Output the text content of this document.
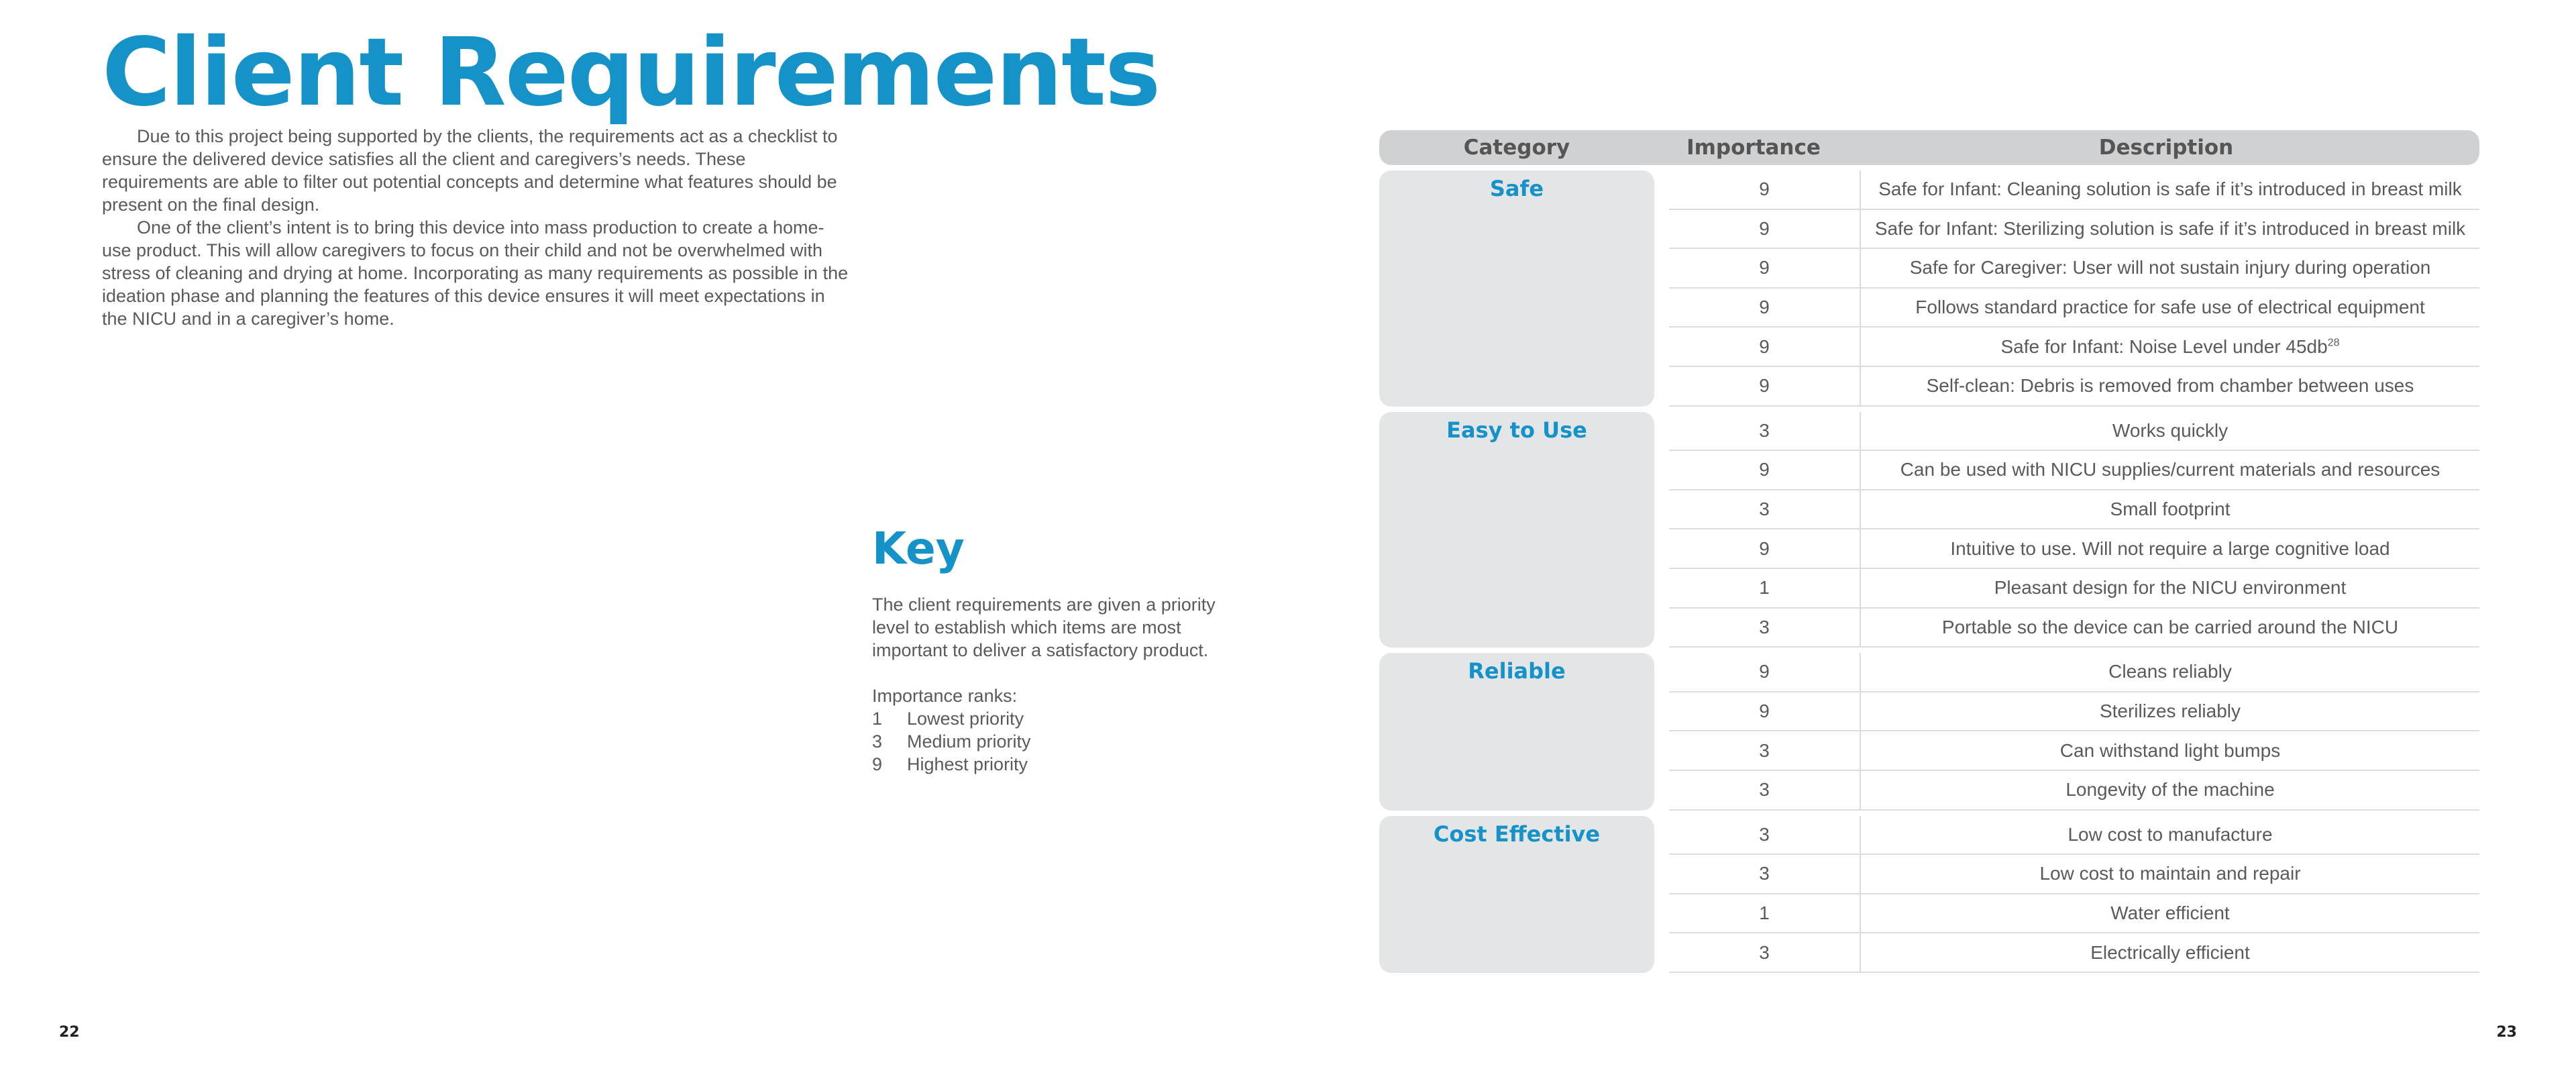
Client Requirements

Due to this project being supported by the clients, the requirements act as a checklist to ensure the delivered device satisfies all the client and caregivers’s needs. These requirements are able to filter out potential concepts and determine what features should be present on the final design.

One of the client’s intent is to bring this device into mass production to create a home-use product. This will allow caregivers to focus on their child and not be overwhelmed with stress of cleaning and drying at home. Incorporating as many requirements as possible in the ideation phase and planning the features of this device ensures it will meet expectations in the NICU and in a caregiver’s home.

Key

The client requirements are given a priority level to establish which items are most important to deliver a satisfactory product.

Importance ranks:

1	Lowest priority
3	Medium priority
9	Highest priority
Category	Importance	Description
Safe	9	Safe for Infant: Cleaning solution is safe if it’s introduced in breast milk
9	Safe for Infant: Sterilizing solution is safe if it’s introduced in breast milk
9	Safe for Caregiver: User will not sustain injury during operation
9	Follows standard practice for safe use of electrical equipment
9	Safe for Infant: Noise Level under $45db^{28}$
9	Self-clean: Debris is removed from chamber between uses
Easy to Use	3	Works quickly
9	Can be used with NICU supplies/current materials and resources
3	Small footprint
9	Intuitive to use. Will not require a large cognitive load
1	Pleasant design for the NICU environment
3	Portable so the device can be carried around the NICU
Reliable	9	Cleans reliably
9	Sterilizes reliably
3	Can withstand light bumps
3	Longevity of the machine
Cost Effective	3	Low cost to manufacture
3	Low cost to maintain and repair
1	Water efficient
3	Electrically efficient
22	23
